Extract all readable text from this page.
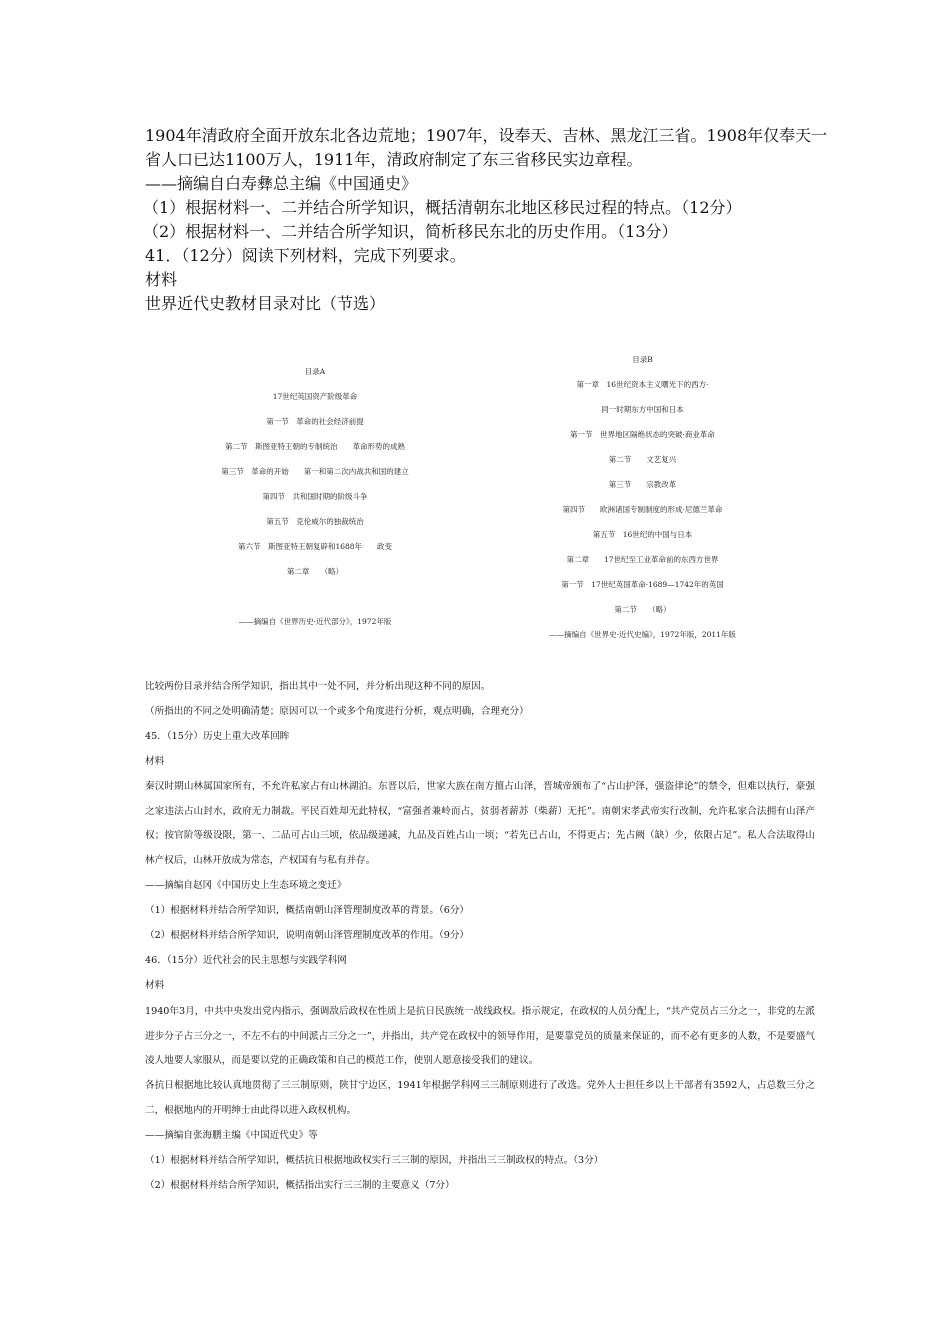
1904年清政府全面开放东北各边荒地；1907年，设奉天、吉林、黑龙江三省。1908年仅奉天一
省人口已达1100万人，1911年，清政府制定了东三省移民实边章程。
——摘编自白寿彝总主编《中国通史》
（1）根据材料一、二并结合所学知识，概括清朝东北地区移民过程的特点。（12分）
（2）根据材料一、二并结合所学知识，简析移民东北的历史作用。（13分）
41．（12分）阅读下列材料，完成下列要求。
材料
世界近代史教材目录对比（节选）
目录A
17世纪英国资产阶级革命
第一节　革命的社会经济前提
第二节　斯图亚特王朝的专制统治　　革命形势的成熟
第三节　革命的开始　　第一和第二次内战共和国的建立
第四节　共和国时期的阶级斗争
第五节　克伦威尔的独裁统治
第六节　斯图亚特王朝复辟和1688年　　政变
第二章　　（略）
——摘编自《世界历史·近代部分》，1972年版
目录B
第一章　16世纪资本主义曙光下的西方·
同一时期东方中国和日本
第一节　世界地区隔绝状态的突破·商业革命
第二节　　文艺复兴
第三节　　宗教改革
第四节　　欧洲诸国专制制度的形成·尼德兰革命
第五节　16世纪的中国与日本
第二章　　17世纪至工业革命前的东西方世界
第一节　17世纪英国革命·1689—1742年的英国
第二节　　（略）
——摘编自《世界史·近代史编》，1972年版，2011年版
比较两份目录并结合所学知识，指出其中一处不同，并分析出现这种不同的原因。
（所指出的不同之处明确清楚；原因可以一个或多个角度进行分析，观点明确，合理充分）
45．（15分）历史上重大改革回眸
材料
秦汉时期山林属国家所有，不允许私家占有山林湖泊。东晋以后，世家大族在南方擅占山泽，晋城帝颁布了“占山护泽，强盗律论”的禁令，但难以执行，豪强之家违法占山封水，政府无力制裁。平民百姓却无此特权，“富强者兼岭而占，贫弱者薪苏（柴薪）无托”。南朝宋孝武帝实行改制，允许私家合法拥有山泽产权；按官阶等级设限，第一、二品可占山三顷，依品级递减，九品及百姓占山一顷；“若先已占山，不得更占；先占阙（缺）少，依限占足”。私人合法取得山林产权后，山林开放成为常态，产权国有与私有并存。
——摘编自赵冈《中国历史上生态环境之变迁》
（1）根据材料并结合所学知识，概括南朝山泽管理制度改革的背景。（6分）
（2）根据材料并结合所学知识，说明南朝山泽管理制度改革的作用。（9分）
46．（15分）近代社会的民主思想与实践学科网
材料
1940年3月，中共中央发出党内指示，强调敌后政权在性质上是抗日民族统一战线政权。指示规定，在政权的人员分配上，“共产党员占三分之一，非党的左派进步分子占三分之一，不左不右的中间派占三分之一”，并指出，共产党在政权中的领导作用，是要靠党员的质量来保证的，而不必有更多的人数，不是要盛气凌人地要人家服从，而是要以党的正确政策和自己的模范工作，使别人愿意接受我们的建议。
各抗日根据地比较认真地贯彻了三三制原则，陕甘宁边区，1941年根据学科网三三制原则进行了改选。党外人士担任乡以上干部者有3592人，占总数三分之二，根据地内的开明绅士由此得以进入政权机构。
——摘编自张海鹏主编《中国近代史》等
（1）根据材料并结合所学知识，概括抗日根据地政权实行三三制的原因，并指出三三制政权的特点。（3分）
（2）根据材料并结合所学知识，概括指出实行三三制的主要意义（7分）
